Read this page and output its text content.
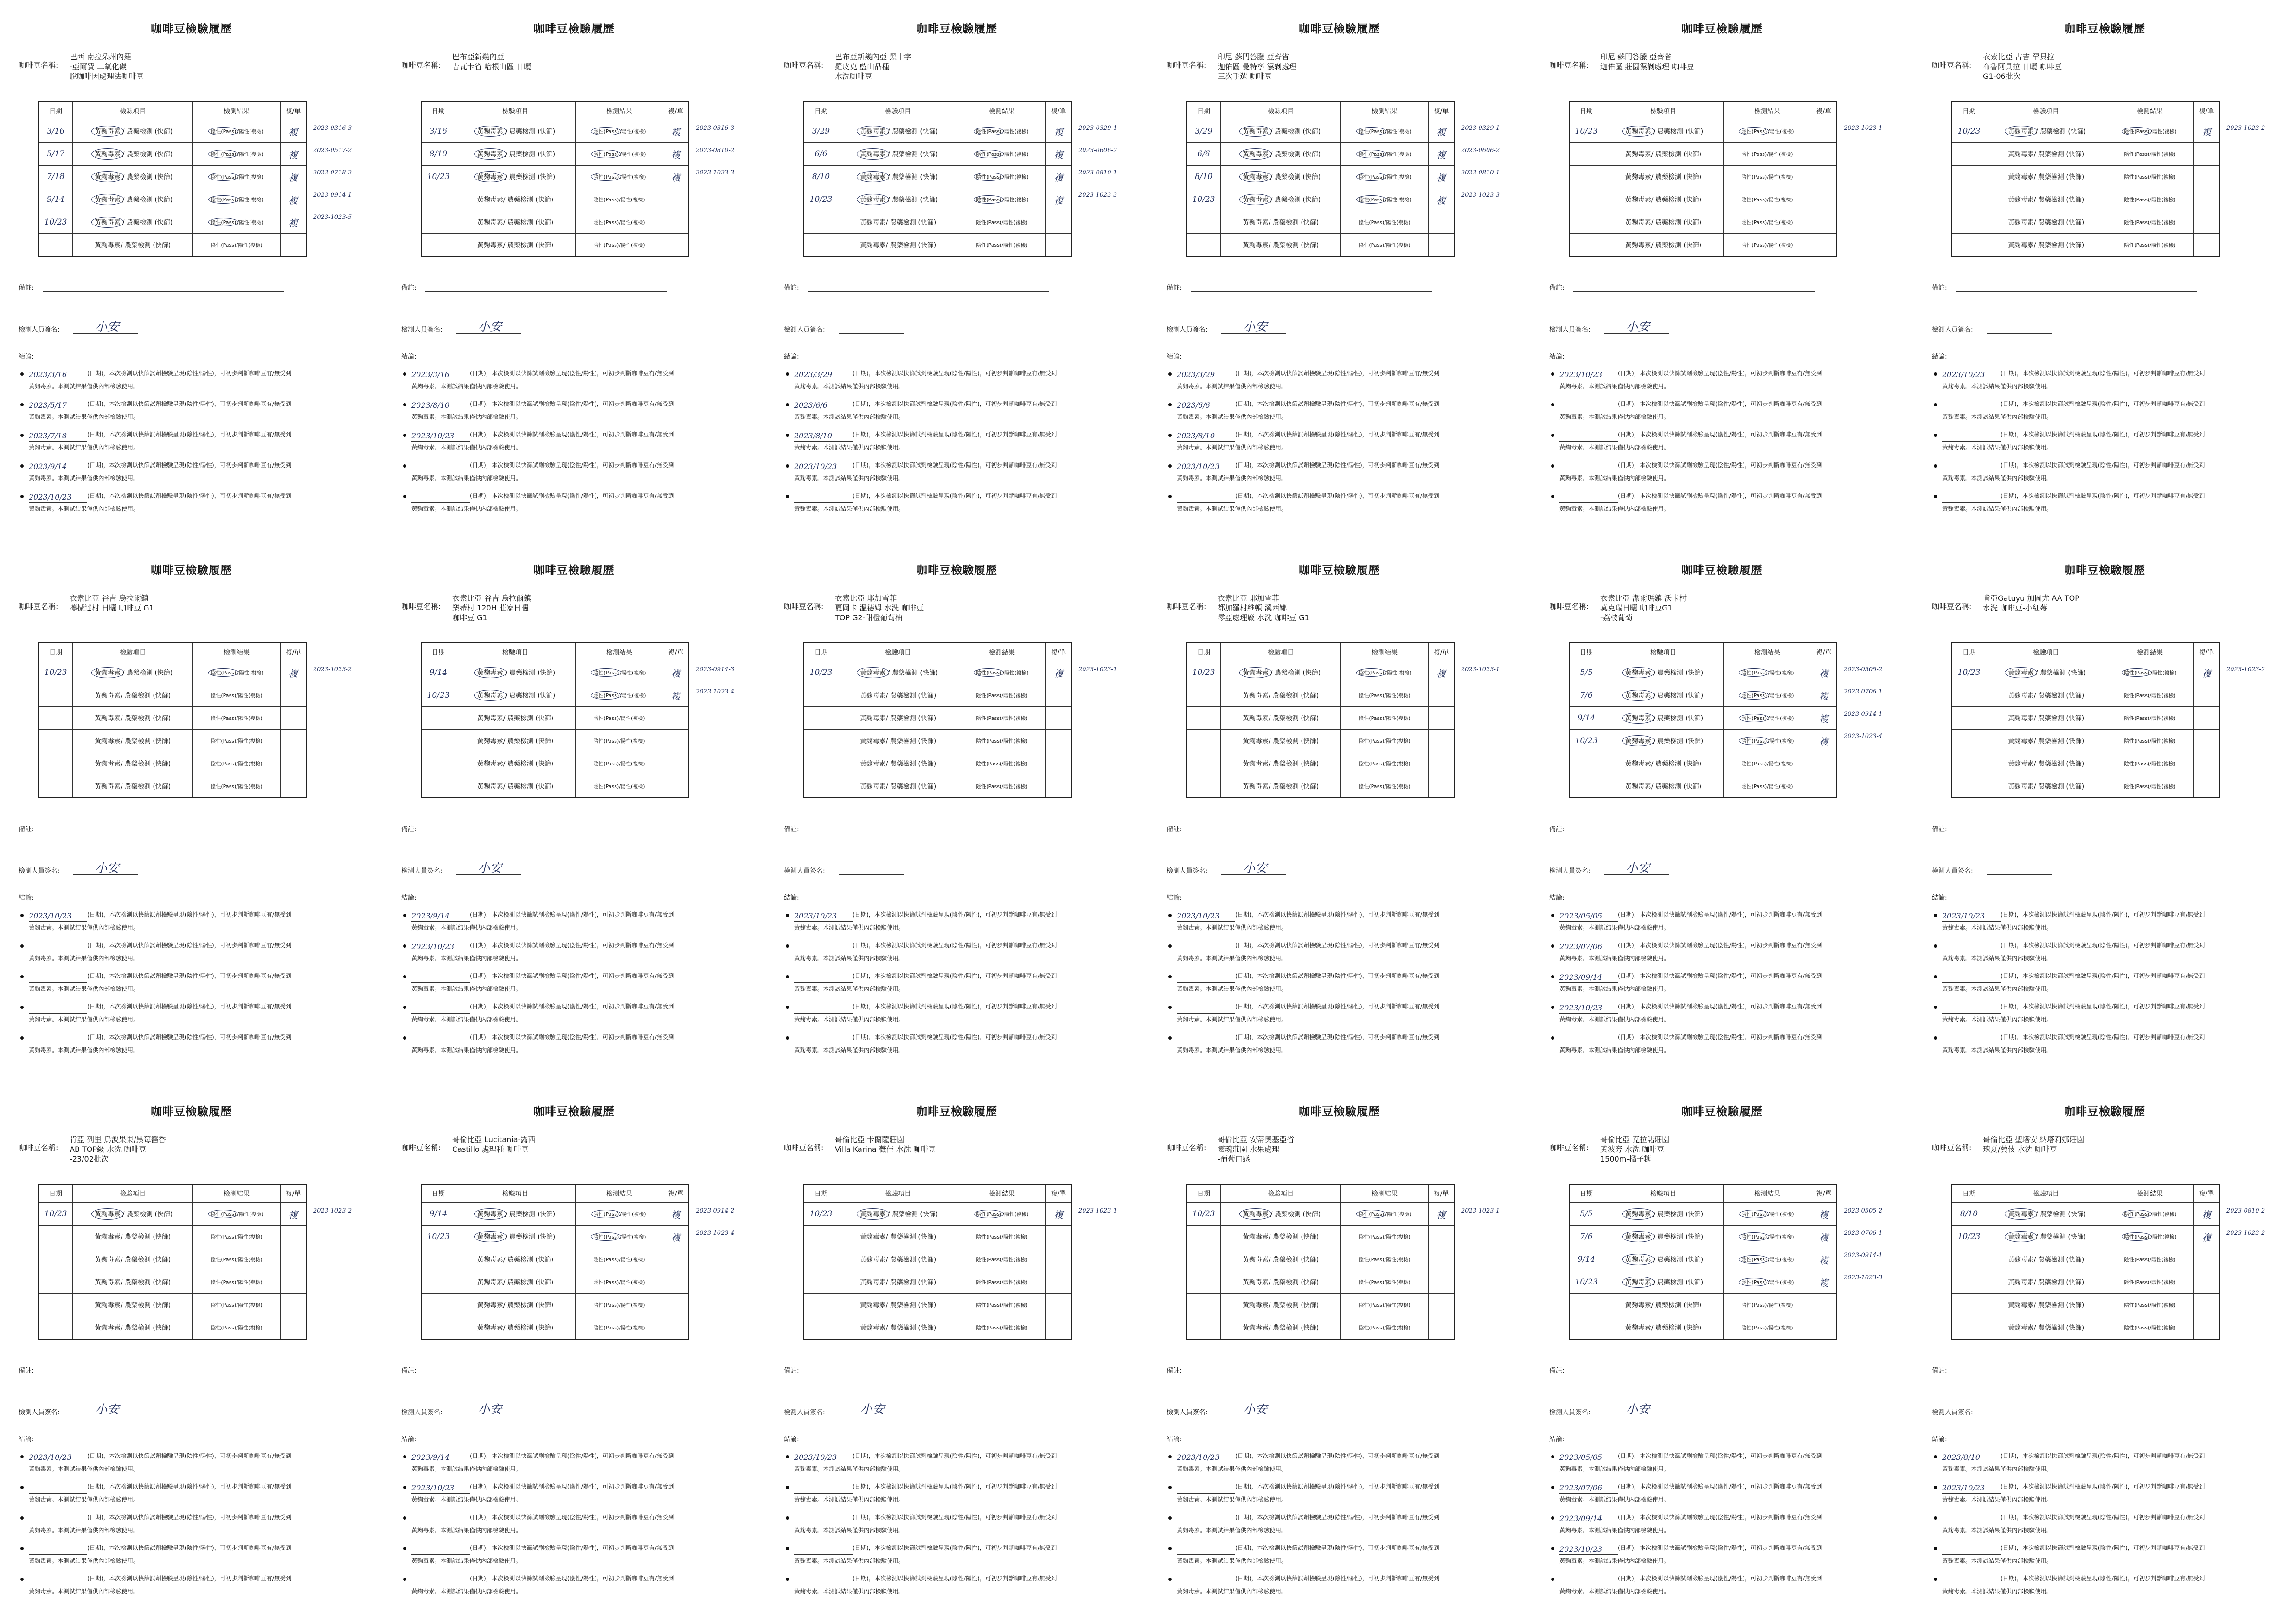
咖啡豆檢驗履歷
咖啡豆名稱:
巴西 南拉朵州內羅
-亞爾費 二氧化碳
脫咖啡因處理法咖啡豆
日期	檢驗項目	檢測結果	複/單
3/16	黃麴毒素 / 農藥檢測 (快篩)	陰性(Pass) /陽性(複檢)	複
5/17	黃麴毒素 / 農藥檢測 (快篩)	陰性(Pass) /陽性(複檢)	複
7/18	黃麴毒素 / 農藥檢測 (快篩)	陰性(Pass) /陽性(複檢)	複
9/14	黃麴毒素 / 農藥檢測 (快篩)	陰性(Pass) /陽性(複檢)	複
10/23	黃麴毒素 / 農藥檢測 (快篩)	陰性(Pass) /陽性(複檢)	複
	黃麴毒素/ 農藥檢測 (快篩)	陰性(Pass)/陽性(複檢)	
2023-0316-3
2023-0517-2
2023-0718-2
2023-0914-1
2023-1023-5
備註:
檢測人員簽名:	小安
結論:
2023/3/16	(日期)，本次檢測以快篩試劑檢驗呈現(陰性/陽性)，可初步判斷咖啡豆有/無受到
黃麴毒素。本測試結果僅供內部檢驗使用。
2023/5/17	(日期)，本次檢測以快篩試劑檢驗呈現(陰性/陽性)，可初步判斷咖啡豆有/無受到
黃麴毒素。本測試結果僅供內部檢驗使用。
2023/7/18	(日期)，本次檢測以快篩試劑檢驗呈現(陰性/陽性)，可初步判斷咖啡豆有/無受到
黃麴毒素。本測試結果僅供內部檢驗使用。
2023/9/14	(日期)，本次檢測以快篩試劑檢驗呈現(陰性/陽性)，可初步判斷咖啡豆有/無受到
黃麴毒素。本測試結果僅供內部檢驗使用。
2023/10/23	(日期)，本次檢測以快篩試劑檢驗呈現(陰性/陽性)，可初步判斷咖啡豆有/無受到
黃麴毒素。本測試結果僅供內部檢驗使用。
咖啡豆檢驗履歷
咖啡豆名稱:
巴布亞新幾內亞
吉瓦卡省 哈根山區 日曬
日期	檢驗項目	檢測結果	複/單
3/16	黃麴毒素 / 農藥檢測 (快篩)	陰性(Pass) /陽性(複檢)	複
8/10	黃麴毒素 / 農藥檢測 (快篩)	陰性(Pass) /陽性(複檢)	複
10/23	黃麴毒素 / 農藥檢測 (快篩)	陰性(Pass) /陽性(複檢)	複
	黃麴毒素/ 農藥檢測 (快篩)	陰性(Pass)/陽性(複檢)	
	黃麴毒素/ 農藥檢測 (快篩)	陰性(Pass)/陽性(複檢)	
	黃麴毒素/ 農藥檢測 (快篩)	陰性(Pass)/陽性(複檢)	
2023-0316-3
2023-0810-2
2023-1023-3
備註:
檢測人員簽名:	小安
結論:
2023/3/16	(日期)，本次檢測以快篩試劑檢驗呈現(陰性/陽性)，可初步判斷咖啡豆有/無受到
黃麴毒素。本測試結果僅供內部檢驗使用。
2023/8/10	(日期)，本次檢測以快篩試劑檢驗呈現(陰性/陽性)，可初步判斷咖啡豆有/無受到
黃麴毒素。本測試結果僅供內部檢驗使用。
2023/10/23	(日期)，本次檢測以快篩試劑檢驗呈現(陰性/陽性)，可初步判斷咖啡豆有/無受到
黃麴毒素。本測試結果僅供內部檢驗使用。
(日期)，本次檢測以快篩試劑檢驗呈現(陰性/陽性)，可初步判斷咖啡豆有/無受到
黃麴毒素。本測試結果僅供內部檢驗使用。
(日期)，本次檢測以快篩試劑檢驗呈現(陰性/陽性)，可初步判斷咖啡豆有/無受到
黃麴毒素。本測試結果僅供內部檢驗使用。
咖啡豆檢驗履歷
咖啡豆名稱:
巴布亞新幾內亞 黑十字
羅皮克 藍山品種
水洗咖啡豆
日期	檢驗項目	檢測結果	複/單
3/29	黃麴毒素 / 農藥檢測 (快篩)	陰性(Pass) /陽性(複檢)	複
6/6	黃麴毒素 / 農藥檢測 (快篩)	陰性(Pass) /陽性(複檢)	複
8/10	黃麴毒素 / 農藥檢測 (快篩)	陰性(Pass) /陽性(複檢)	複
10/23	黃麴毒素 / 農藥檢測 (快篩)	陰性(Pass) /陽性(複檢)	複
	黃麴毒素/ 農藥檢測 (快篩)	陰性(Pass)/陽性(複檢)	
	黃麴毒素/ 農藥檢測 (快篩)	陰性(Pass)/陽性(複檢)	
2023-0329-1
2023-0606-2
2023-0810-1
2023-1023-3
備註:
檢測人員簽名:
結論:
2023/3/29	(日期)，本次檢測以快篩試劑檢驗呈現(陰性/陽性)，可初步判斷咖啡豆有/無受到
黃麴毒素。本測試結果僅供內部檢驗使用。
2023/6/6	(日期)，本次檢測以快篩試劑檢驗呈現(陰性/陽性)，可初步判斷咖啡豆有/無受到
黃麴毒素。本測試結果僅供內部檢驗使用。
2023/8/10	(日期)，本次檢測以快篩試劑檢驗呈現(陰性/陽性)，可初步判斷咖啡豆有/無受到
黃麴毒素。本測試結果僅供內部檢驗使用。
2023/10/23	(日期)，本次檢測以快篩試劑檢驗呈現(陰性/陽性)，可初步判斷咖啡豆有/無受到
黃麴毒素。本測試結果僅供內部檢驗使用。
(日期)，本次檢測以快篩試劑檢驗呈現(陰性/陽性)，可初步判斷咖啡豆有/無受到
黃麴毒素。本測試結果僅供內部檢驗使用。
咖啡豆檢驗履歷
咖啡豆名稱:
印尼 蘇門答臘 亞齊省
迦佑區 曼特寧 濕剝處理
三次手選 咖啡豆
日期	檢驗項目	檢測結果	複/單
3/29	黃麴毒素 / 農藥檢測 (快篩)	陰性(Pass) /陽性(複檢)	複
6/6	黃麴毒素 / 農藥檢測 (快篩)	陰性(Pass) /陽性(複檢)	複
8/10	黃麴毒素 / 農藥檢測 (快篩)	陰性(Pass) /陽性(複檢)	複
10/23	黃麴毒素 / 農藥檢測 (快篩)	陰性(Pass) /陽性(複檢)	複
	黃麴毒素/ 農藥檢測 (快篩)	陰性(Pass)/陽性(複檢)	
	黃麴毒素/ 農藥檢測 (快篩)	陰性(Pass)/陽性(複檢)	
2023-0329-1
2023-0606-2
2023-0810-1
2023-1023-3
備註:
檢測人員簽名:	小安
結論:
2023/3/29	(日期)，本次檢測以快篩試劑檢驗呈現(陰性/陽性)，可初步判斷咖啡豆有/無受到
黃麴毒素。本測試結果僅供內部檢驗使用。
2023/6/6	(日期)，本次檢測以快篩試劑檢驗呈現(陰性/陽性)，可初步判斷咖啡豆有/無受到
黃麴毒素。本測試結果僅供內部檢驗使用。
2023/8/10	(日期)，本次檢測以快篩試劑檢驗呈現(陰性/陽性)，可初步判斷咖啡豆有/無受到
黃麴毒素。本測試結果僅供內部檢驗使用。
2023/10/23	(日期)，本次檢測以快篩試劑檢驗呈現(陰性/陽性)，可初步判斷咖啡豆有/無受到
黃麴毒素。本測試結果僅供內部檢驗使用。
(日期)，本次檢測以快篩試劑檢驗呈現(陰性/陽性)，可初步判斷咖啡豆有/無受到
黃麴毒素。本測試結果僅供內部檢驗使用。
咖啡豆檢驗履歷
咖啡豆名稱:
印尼 蘇門答臘 亞齊省
迦佑區 莊園濕剝處理 咖啡豆
日期	檢驗項目	檢測結果	複/單
10/23	黃麴毒素 / 農藥檢測 (快篩)	陰性(Pass) /陽性(複檢)	
	黃麴毒素/ 農藥檢測 (快篩)	陰性(Pass)/陽性(複檢)	
	黃麴毒素/ 農藥檢測 (快篩)	陰性(Pass)/陽性(複檢)	
	黃麴毒素/ 農藥檢測 (快篩)	陰性(Pass)/陽性(複檢)	
	黃麴毒素/ 農藥檢測 (快篩)	陰性(Pass)/陽性(複檢)	
	黃麴毒素/ 農藥檢測 (快篩)	陰性(Pass)/陽性(複檢)	
2023-1023-1
備註:
檢測人員簽名:	小安
結論:
2023/10/23	(日期)，本次檢測以快篩試劑檢驗呈現(陰性/陽性)，可初步判斷咖啡豆有/無受到
黃麴毒素。本測試結果僅供內部檢驗使用。
(日期)，本次檢測以快篩試劑檢驗呈現(陰性/陽性)，可初步判斷咖啡豆有/無受到
黃麴毒素。本測試結果僅供內部檢驗使用。
(日期)，本次檢測以快篩試劑檢驗呈現(陰性/陽性)，可初步判斷咖啡豆有/無受到
黃麴毒素。本測試結果僅供內部檢驗使用。
(日期)，本次檢測以快篩試劑檢驗呈現(陰性/陽性)，可初步判斷咖啡豆有/無受到
黃麴毒素。本測試結果僅供內部檢驗使用。
(日期)，本次檢測以快篩試劑檢驗呈現(陰性/陽性)，可初步判斷咖啡豆有/無受到
黃麴毒素。本測試結果僅供內部檢驗使用。
咖啡豆檢驗履歷
咖啡豆名稱:
衣索比亞 古吉 罕貝拉
布魯阿貝拉 日曬 咖啡豆
G1-06批次
日期	檢驗項目	檢測結果	複/單
10/23	黃麴毒素 / 農藥檢測 (快篩)	陰性(Pass) /陽性(複檢)	複
	黃麴毒素/ 農藥檢測 (快篩)	陰性(Pass)/陽性(複檢)	
	黃麴毒素/ 農藥檢測 (快篩)	陰性(Pass)/陽性(複檢)	
	黃麴毒素/ 農藥檢測 (快篩)	陰性(Pass)/陽性(複檢)	
	黃麴毒素/ 農藥檢測 (快篩)	陰性(Pass)/陽性(複檢)	
	黃麴毒素/ 農藥檢測 (快篩)	陰性(Pass)/陽性(複檢)	
2023-1023-2
備註:
檢測人員簽名:
結論:
2023/10/23	(日期)，本次檢測以快篩試劑檢驗呈現(陰性/陽性)，可初步判斷咖啡豆有/無受到
黃麴毒素。本測試結果僅供內部檢驗使用。
(日期)，本次檢測以快篩試劑檢驗呈現(陰性/陽性)，可初步判斷咖啡豆有/無受到
黃麴毒素。本測試結果僅供內部檢驗使用。
(日期)，本次檢測以快篩試劑檢驗呈現(陰性/陽性)，可初步判斷咖啡豆有/無受到
黃麴毒素。本測試結果僅供內部檢驗使用。
(日期)，本次檢測以快篩試劑檢驗呈現(陰性/陽性)，可初步判斷咖啡豆有/無受到
黃麴毒素。本測試結果僅供內部檢驗使用。
(日期)，本次檢測以快篩試劑檢驗呈現(陰性/陽性)，可初步判斷咖啡豆有/無受到
黃麴毒素。本測試結果僅供內部檢驗使用。
咖啡豆檢驗履歷
咖啡豆名稱:
衣索比亞 谷吉 烏拉爾鎮
檸檬達村 日曬 咖啡豆 G1
日期	檢驗項目	檢測結果	複/單
10/23	黃麴毒素 / 農藥檢測 (快篩)	陰性(Pass) /陽性(複檢)	複
	黃麴毒素/ 農藥檢測 (快篩)	陰性(Pass)/陽性(複檢)	
	黃麴毒素/ 農藥檢測 (快篩)	陰性(Pass)/陽性(複檢)	
	黃麴毒素/ 農藥檢測 (快篩)	陰性(Pass)/陽性(複檢)	
	黃麴毒素/ 農藥檢測 (快篩)	陰性(Pass)/陽性(複檢)	
	黃麴毒素/ 農藥檢測 (快篩)	陰性(Pass)/陽性(複檢)	
2023-1023-2
備註:
檢測人員簽名:	小安
結論:
2023/10/23	(日期)，本次檢測以快篩試劑檢驗呈現(陰性/陽性)，可初步判斷咖啡豆有/無受到
黃麴毒素。本測試結果僅供內部檢驗使用。
(日期)，本次檢測以快篩試劑檢驗呈現(陰性/陽性)，可初步判斷咖啡豆有/無受到
黃麴毒素。本測試結果僅供內部檢驗使用。
(日期)，本次檢測以快篩試劑檢驗呈現(陰性/陽性)，可初步判斷咖啡豆有/無受到
黃麴毒素。本測試結果僅供內部檢驗使用。
(日期)，本次檢測以快篩試劑檢驗呈現(陰性/陽性)，可初步判斷咖啡豆有/無受到
黃麴毒素。本測試結果僅供內部檢驗使用。
(日期)，本次檢測以快篩試劑檢驗呈現(陰性/陽性)，可初步判斷咖啡豆有/無受到
黃麴毒素。本測試結果僅供內部檢驗使用。
咖啡豆檢驗履歷
咖啡豆名稱:
衣索比亞 谷吉 烏拉爾鎮
樂蒂村 120H 莊家日曬
咖啡豆 G1
日期	檢驗項目	檢測結果	複/單
9/14	黃麴毒素 / 農藥檢測 (快篩)	陰性(Pass) /陽性(複檢)	複
10/23	黃麴毒素 / 農藥檢測 (快篩)	陰性(Pass) /陽性(複檢)	複
	黃麴毒素/ 農藥檢測 (快篩)	陰性(Pass)/陽性(複檢)	
	黃麴毒素/ 農藥檢測 (快篩)	陰性(Pass)/陽性(複檢)	
	黃麴毒素/ 農藥檢測 (快篩)	陰性(Pass)/陽性(複檢)	
	黃麴毒素/ 農藥檢測 (快篩)	陰性(Pass)/陽性(複檢)	
2023-0914-3
2023-1023-4
備註:
檢測人員簽名:	小安
結論:
2023/9/14	(日期)，本次檢測以快篩試劑檢驗呈現(陰性/陽性)，可初步判斷咖啡豆有/無受到
黃麴毒素。本測試結果僅供內部檢驗使用。
2023/10/23	(日期)，本次檢測以快篩試劑檢驗呈現(陰性/陽性)，可初步判斷咖啡豆有/無受到
黃麴毒素。本測試結果僅供內部檢驗使用。
(日期)，本次檢測以快篩試劑檢驗呈現(陰性/陽性)，可初步判斷咖啡豆有/無受到
黃麴毒素。本測試結果僅供內部檢驗使用。
(日期)，本次檢測以快篩試劑檢驗呈現(陰性/陽性)，可初步判斷咖啡豆有/無受到
黃麴毒素。本測試結果僅供內部檢驗使用。
(日期)，本次檢測以快篩試劑檢驗呈現(陰性/陽性)，可初步判斷咖啡豆有/無受到
黃麴毒素。本測試結果僅供內部檢驗使用。
咖啡豆檢驗履歷
咖啡豆名稱:
衣索比亞 耶加雪菲
夏岡卡 溫德姆 水洗 咖啡豆
TOP G2-甜橙葡萄柚
日期	檢驗項目	檢測結果	複/單
10/23	黃麴毒素 / 農藥檢測 (快篩)	陰性(Pass) /陽性(複檢)	複
	黃麴毒素/ 農藥檢測 (快篩)	陰性(Pass)/陽性(複檢)	
	黃麴毒素/ 農藥檢測 (快篩)	陰性(Pass)/陽性(複檢)	
	黃麴毒素/ 農藥檢測 (快篩)	陰性(Pass)/陽性(複檢)	
	黃麴毒素/ 農藥檢測 (快篩)	陰性(Pass)/陽性(複檢)	
	黃麴毒素/ 農藥檢測 (快篩)	陰性(Pass)/陽性(複檢)	
2023-1023-1
備註:
檢測人員簽名:
結論:
2023/10/23	(日期)，本次檢測以快篩試劑檢驗呈現(陰性/陽性)，可初步判斷咖啡豆有/無受到
黃麴毒素。本測試結果僅供內部檢驗使用。
(日期)，本次檢測以快篩試劑檢驗呈現(陰性/陽性)，可初步判斷咖啡豆有/無受到
黃麴毒素。本測試結果僅供內部檢驗使用。
(日期)，本次檢測以快篩試劑檢驗呈現(陰性/陽性)，可初步判斷咖啡豆有/無受到
黃麴毒素。本測試結果僅供內部檢驗使用。
(日期)，本次檢測以快篩試劑檢驗呈現(陰性/陽性)，可初步判斷咖啡豆有/無受到
黃麴毒素。本測試結果僅供內部檢驗使用。
(日期)，本次檢測以快篩試劑檢驗呈現(陰性/陽性)，可初步判斷咖啡豆有/無受到
黃麴毒素。本測試結果僅供內部檢驗使用。
咖啡豆檢驗履歷
咖啡豆名稱:
衣索比亞 耶加雪菲
都加羅村維頓 溪西娜
零亞處理廠 水洗 咖啡豆 G1
日期	檢驗項目	檢測結果	複/單
10/23	黃麴毒素 / 農藥檢測 (快篩)	陰性(Pass) /陽性(複檢)	複
	黃麴毒素/ 農藥檢測 (快篩)	陰性(Pass)/陽性(複檢)	
	黃麴毒素/ 農藥檢測 (快篩)	陰性(Pass)/陽性(複檢)	
	黃麴毒素/ 農藥檢測 (快篩)	陰性(Pass)/陽性(複檢)	
	黃麴毒素/ 農藥檢測 (快篩)	陰性(Pass)/陽性(複檢)	
	黃麴毒素/ 農藥檢測 (快篩)	陰性(Pass)/陽性(複檢)	
2023-1023-1
備註:
檢測人員簽名:	小安
結論:
2023/10/23	(日期)，本次檢測以快篩試劑檢驗呈現(陰性/陽性)，可初步判斷咖啡豆有/無受到
黃麴毒素。本測試結果僅供內部檢驗使用。
(日期)，本次檢測以快篩試劑檢驗呈現(陰性/陽性)，可初步判斷咖啡豆有/無受到
黃麴毒素。本測試結果僅供內部檢驗使用。
(日期)，本次檢測以快篩試劑檢驗呈現(陰性/陽性)，可初步判斷咖啡豆有/無受到
黃麴毒素。本測試結果僅供內部檢驗使用。
(日期)，本次檢測以快篩試劑檢驗呈現(陰性/陽性)，可初步判斷咖啡豆有/無受到
黃麴毒素。本測試結果僅供內部檢驗使用。
(日期)，本次檢測以快篩試劑檢驗呈現(陰性/陽性)，可初步判斷咖啡豆有/無受到
黃麴毒素。本測試結果僅供內部檢驗使用。
咖啡豆檢驗履歷
咖啡豆名稱:
衣索比亞 潔爾瑪鎮 沃卡村
莫克瑞日曬 咖啡豆G1
-荔枝葡萄
日期	檢驗項目	檢測結果	複/單
5/5	黃麴毒素 / 農藥檢測 (快篩)	陰性(Pass) /陽性(複檢)	複
7/6	黃麴毒素 / 農藥檢測 (快篩)	陰性(Pass) /陽性(複檢)	複
9/14	黃麴毒素 / 農藥檢測 (快篩)	陰性(Pass) /陽性(複檢)	複
10/23	黃麴毒素 / 農藥檢測 (快篩)	陰性(Pass) /陽性(複檢)	複
	黃麴毒素/ 農藥檢測 (快篩)	陰性(Pass)/陽性(複檢)	
	黃麴毒素/ 農藥檢測 (快篩)	陰性(Pass)/陽性(複檢)	
2023-0505-2
2023-0706-1
2023-0914-1
2023-1023-4
備註:
檢測人員簽名:	小安
結論:
2023/05/05	(日期)，本次檢測以快篩試劑檢驗呈現(陰性/陽性)，可初步判斷咖啡豆有/無受到
黃麴毒素。本測試結果僅供內部檢驗使用。
2023/07/06	(日期)，本次檢測以快篩試劑檢驗呈現(陰性/陽性)，可初步判斷咖啡豆有/無受到
黃麴毒素。本測試結果僅供內部檢驗使用。
2023/09/14	(日期)，本次檢測以快篩試劑檢驗呈現(陰性/陽性)，可初步判斷咖啡豆有/無受到
黃麴毒素。本測試結果僅供內部檢驗使用。
2023/10/23	(日期)，本次檢測以快篩試劑檢驗呈現(陰性/陽性)，可初步判斷咖啡豆有/無受到
黃麴毒素。本測試結果僅供內部檢驗使用。
(日期)，本次檢測以快篩試劑檢驗呈現(陰性/陽性)，可初步判斷咖啡豆有/無受到
黃麴毒素。本測試結果僅供內部檢驗使用。
咖啡豆檢驗履歷
咖啡豆名稱:
肯亞Gatuyu 加圖尤 AA TOP
水洗 咖啡豆-小紅莓
日期	檢驗項目	檢測結果	複/單
10/23	黃麴毒素 / 農藥檢測 (快篩)	陰性(Pass) /陽性(複檢)	複
	黃麴毒素/ 農藥檢測 (快篩)	陰性(Pass)/陽性(複檢)	
	黃麴毒素/ 農藥檢測 (快篩)	陰性(Pass)/陽性(複檢)	
	黃麴毒素/ 農藥檢測 (快篩)	陰性(Pass)/陽性(複檢)	
	黃麴毒素/ 農藥檢測 (快篩)	陰性(Pass)/陽性(複檢)	
	黃麴毒素/ 農藥檢測 (快篩)	陰性(Pass)/陽性(複檢)	
2023-1023-2
備註:
檢測人員簽名:
結論:
2023/10/23	(日期)，本次檢測以快篩試劑檢驗呈現(陰性/陽性)，可初步判斷咖啡豆有/無受到
黃麴毒素。本測試結果僅供內部檢驗使用。
(日期)，本次檢測以快篩試劑檢驗呈現(陰性/陽性)，可初步判斷咖啡豆有/無受到
黃麴毒素。本測試結果僅供內部檢驗使用。
(日期)，本次檢測以快篩試劑檢驗呈現(陰性/陽性)，可初步判斷咖啡豆有/無受到
黃麴毒素。本測試結果僅供內部檢驗使用。
(日期)，本次檢測以快篩試劑檢驗呈現(陰性/陽性)，可初步判斷咖啡豆有/無受到
黃麴毒素。本測試結果僅供內部檢驗使用。
(日期)，本次檢測以快篩試劑檢驗呈現(陰性/陽性)，可初步判斷咖啡豆有/無受到
黃麴毒素。本測試結果僅供內部檢驗使用。
咖啡豆檢驗履歷
咖啡豆名稱:
肯亞 列里 烏波果果/黑莓醬香
AB TOP級 水洗 咖啡豆
-23/02批次
日期	檢驗項目	檢測結果	複/單
10/23	黃麴毒素 / 農藥檢測 (快篩)	陰性(Pass) /陽性(複檢)	複
	黃麴毒素/ 農藥檢測 (快篩)	陰性(Pass)/陽性(複檢)	
	黃麴毒素/ 農藥檢測 (快篩)	陰性(Pass)/陽性(複檢)	
	黃麴毒素/ 農藥檢測 (快篩)	陰性(Pass)/陽性(複檢)	
	黃麴毒素/ 農藥檢測 (快篩)	陰性(Pass)/陽性(複檢)	
	黃麴毒素/ 農藥檢測 (快篩)	陰性(Pass)/陽性(複檢)	
2023-1023-2
備註:
檢測人員簽名:	小安
結論:
2023/10/23	(日期)，本次檢測以快篩試劑檢驗呈現(陰性/陽性)，可初步判斷咖啡豆有/無受到
黃麴毒素。本測試結果僅供內部檢驗使用。
(日期)，本次檢測以快篩試劑檢驗呈現(陰性/陽性)，可初步判斷咖啡豆有/無受到
黃麴毒素。本測試結果僅供內部檢驗使用。
(日期)，本次檢測以快篩試劑檢驗呈現(陰性/陽性)，可初步判斷咖啡豆有/無受到
黃麴毒素。本測試結果僅供內部檢驗使用。
(日期)，本次檢測以快篩試劑檢驗呈現(陰性/陽性)，可初步判斷咖啡豆有/無受到
黃麴毒素。本測試結果僅供內部檢驗使用。
(日期)，本次檢測以快篩試劑檢驗呈現(陰性/陽性)，可初步判斷咖啡豆有/無受到
黃麴毒素。本測試結果僅供內部檢驗使用。
咖啡豆檢驗履歷
咖啡豆名稱:
哥倫比亞 Lucitania-露西
Castillo 處理種 咖啡豆
日期	檢驗項目	檢測結果	複/單
9/14	黃麴毒素 / 農藥檢測 (快篩)	陰性(Pass) /陽性(複檢)	複
10/23	黃麴毒素 / 農藥檢測 (快篩)	陰性(Pass) /陽性(複檢)	複
	黃麴毒素/ 農藥檢測 (快篩)	陰性(Pass)/陽性(複檢)	
	黃麴毒素/ 農藥檢測 (快篩)	陰性(Pass)/陽性(複檢)	
	黃麴毒素/ 農藥檢測 (快篩)	陰性(Pass)/陽性(複檢)	
	黃麴毒素/ 農藥檢測 (快篩)	陰性(Pass)/陽性(複檢)	
2023-0914-2
2023-1023-4
備註:
檢測人員簽名:	小安
結論:
2023/9/14	(日期)，本次檢測以快篩試劑檢驗呈現(陰性/陽性)，可初步判斷咖啡豆有/無受到
黃麴毒素。本測試結果僅供內部檢驗使用。
2023/10/23	(日期)，本次檢測以快篩試劑檢驗呈現(陰性/陽性)，可初步判斷咖啡豆有/無受到
黃麴毒素。本測試結果僅供內部檢驗使用。
(日期)，本次檢測以快篩試劑檢驗呈現(陰性/陽性)，可初步判斷咖啡豆有/無受到
黃麴毒素。本測試結果僅供內部檢驗使用。
(日期)，本次檢測以快篩試劑檢驗呈現(陰性/陽性)，可初步判斷咖啡豆有/無受到
黃麴毒素。本測試結果僅供內部檢驗使用。
(日期)，本次檢測以快篩試劑檢驗呈現(陰性/陽性)，可初步判斷咖啡豆有/無受到
黃麴毒素。本測試結果僅供內部檢驗使用。
咖啡豆檢驗履歷
咖啡豆名稱:
哥倫比亞 卡蘭薩莊園
Villa Karina 薇佳 水洗 咖啡豆
日期	檢驗項目	檢測結果	複/單
10/23	黃麴毒素 / 農藥檢測 (快篩)	陰性(Pass) /陽性(複檢)	複
	黃麴毒素/ 農藥檢測 (快篩)	陰性(Pass)/陽性(複檢)	
	黃麴毒素/ 農藥檢測 (快篩)	陰性(Pass)/陽性(複檢)	
	黃麴毒素/ 農藥檢測 (快篩)	陰性(Pass)/陽性(複檢)	
	黃麴毒素/ 農藥檢測 (快篩)	陰性(Pass)/陽性(複檢)	
	黃麴毒素/ 農藥檢測 (快篩)	陰性(Pass)/陽性(複檢)	
2023-1023-1
備註:
檢測人員簽名:	小安
結論:
2023/10/23	(日期)，本次檢測以快篩試劑檢驗呈現(陰性/陽性)，可初步判斷咖啡豆有/無受到
黃麴毒素。本測試結果僅供內部檢驗使用。
(日期)，本次檢測以快篩試劑檢驗呈現(陰性/陽性)，可初步判斷咖啡豆有/無受到
黃麴毒素。本測試結果僅供內部檢驗使用。
(日期)，本次檢測以快篩試劑檢驗呈現(陰性/陽性)，可初步判斷咖啡豆有/無受到
黃麴毒素。本測試結果僅供內部檢驗使用。
(日期)，本次檢測以快篩試劑檢驗呈現(陰性/陽性)，可初步判斷咖啡豆有/無受到
黃麴毒素。本測試結果僅供內部檢驗使用。
(日期)，本次檢測以快篩試劑檢驗呈現(陰性/陽性)，可初步判斷咖啡豆有/無受到
黃麴毒素。本測試結果僅供內部檢驗使用。
咖啡豆檢驗履歷
咖啡豆名稱:
哥倫比亞 安蒂奧基亞省
靈魂莊園 水果處理
-葡萄口感
日期	檢驗項目	檢測結果	複/單
10/23	黃麴毒素 / 農藥檢測 (快篩)	陰性(Pass) /陽性(複檢)	複
	黃麴毒素/ 農藥檢測 (快篩)	陰性(Pass)/陽性(複檢)	
	黃麴毒素/ 農藥檢測 (快篩)	陰性(Pass)/陽性(複檢)	
	黃麴毒素/ 農藥檢測 (快篩)	陰性(Pass)/陽性(複檢)	
	黃麴毒素/ 農藥檢測 (快篩)	陰性(Pass)/陽性(複檢)	
	黃麴毒素/ 農藥檢測 (快篩)	陰性(Pass)/陽性(複檢)	
2023-1023-1
備註:
檢測人員簽名:	小安
結論:
2023/10/23	(日期)，本次檢測以快篩試劑檢驗呈現(陰性/陽性)，可初步判斷咖啡豆有/無受到
黃麴毒素。本測試結果僅供內部檢驗使用。
(日期)，本次檢測以快篩試劑檢驗呈現(陰性/陽性)，可初步判斷咖啡豆有/無受到
黃麴毒素。本測試結果僅供內部檢驗使用。
(日期)，本次檢測以快篩試劑檢驗呈現(陰性/陽性)，可初步判斷咖啡豆有/無受到
黃麴毒素。本測試結果僅供內部檢驗使用。
(日期)，本次檢測以快篩試劑檢驗呈現(陰性/陽性)，可初步判斷咖啡豆有/無受到
黃麴毒素。本測試結果僅供內部檢驗使用。
(日期)，本次檢測以快篩試劑檢驗呈現(陰性/陽性)，可初步判斷咖啡豆有/無受到
黃麴毒素。本測試結果僅供內部檢驗使用。
咖啡豆檢驗履歷
咖啡豆名稱:
哥倫比亞 克拉諾莊園
黃波旁 水洗 咖啡豆
1500m-橘子糖
日期	檢驗項目	檢測結果	複/單
5/5	黃麴毒素 / 農藥檢測 (快篩)	陰性(Pass) /陽性(複檢)	複
7/6	黃麴毒素 / 農藥檢測 (快篩)	陰性(Pass) /陽性(複檢)	複
9/14	黃麴毒素 / 農藥檢測 (快篩)	陰性(Pass) /陽性(複檢)	複
10/23	黃麴毒素 / 農藥檢測 (快篩)	陰性(Pass) /陽性(複檢)	複
	黃麴毒素/ 農藥檢測 (快篩)	陰性(Pass)/陽性(複檢)	
	黃麴毒素/ 農藥檢測 (快篩)	陰性(Pass)/陽性(複檢)	
2023-0505-2
2023-0706-1
2023-0914-1
2023-1023-3
備註:
檢測人員簽名:	小安
結論:
2023/05/05	(日期)，本次檢測以快篩試劑檢驗呈現(陰性/陽性)，可初步判斷咖啡豆有/無受到
黃麴毒素。本測試結果僅供內部檢驗使用。
2023/07/06	(日期)，本次檢測以快篩試劑檢驗呈現(陰性/陽性)，可初步判斷咖啡豆有/無受到
黃麴毒素。本測試結果僅供內部檢驗使用。
2023/09/14	(日期)，本次檢測以快篩試劑檢驗呈現(陰性/陽性)，可初步判斷咖啡豆有/無受到
黃麴毒素。本測試結果僅供內部檢驗使用。
2023/10/23	(日期)，本次檢測以快篩試劑檢驗呈現(陰性/陽性)，可初步判斷咖啡豆有/無受到
黃麴毒素。本測試結果僅供內部檢驗使用。
(日期)，本次檢測以快篩試劑檢驗呈現(陰性/陽性)，可初步判斷咖啡豆有/無受到
黃麴毒素。本測試結果僅供內部檢驗使用。
咖啡豆檢驗履歷
咖啡豆名稱:
哥倫比亞 聖塔安 納塔莉娜莊園
瑰夏/藝伎 水洗 咖啡豆
日期	檢驗項目	檢測結果	複/單
8/10	黃麴毒素 / 農藥檢測 (快篩)	陰性(Pass) /陽性(複檢)	複
10/23	黃麴毒素 / 農藥檢測 (快篩)	陰性(Pass) /陽性(複檢)	複
	黃麴毒素/ 農藥檢測 (快篩)	陰性(Pass)/陽性(複檢)	
	黃麴毒素/ 農藥檢測 (快篩)	陰性(Pass)/陽性(複檢)	
	黃麴毒素/ 農藥檢測 (快篩)	陰性(Pass)/陽性(複檢)	
	黃麴毒素/ 農藥檢測 (快篩)	陰性(Pass)/陽性(複檢)	
2023-0810-2
2023-1023-2
備註:
檢測人員簽名:
結論:
2023/8/10	(日期)，本次檢測以快篩試劑檢驗呈現(陰性/陽性)，可初步判斷咖啡豆有/無受到
黃麴毒素。本測試結果僅供內部檢驗使用。
2023/10/23	(日期)，本次檢測以快篩試劑檢驗呈現(陰性/陽性)，可初步判斷咖啡豆有/無受到
黃麴毒素。本測試結果僅供內部檢驗使用。
(日期)，本次檢測以快篩試劑檢驗呈現(陰性/陽性)，可初步判斷咖啡豆有/無受到
黃麴毒素。本測試結果僅供內部檢驗使用。
(日期)，本次檢測以快篩試劑檢驗呈現(陰性/陽性)，可初步判斷咖啡豆有/無受到
黃麴毒素。本測試結果僅供內部檢驗使用。
(日期)，本次檢測以快篩試劑檢驗呈現(陰性/陽性)，可初步判斷咖啡豆有/無受到
黃麴毒素。本測試結果僅供內部檢驗使用。
